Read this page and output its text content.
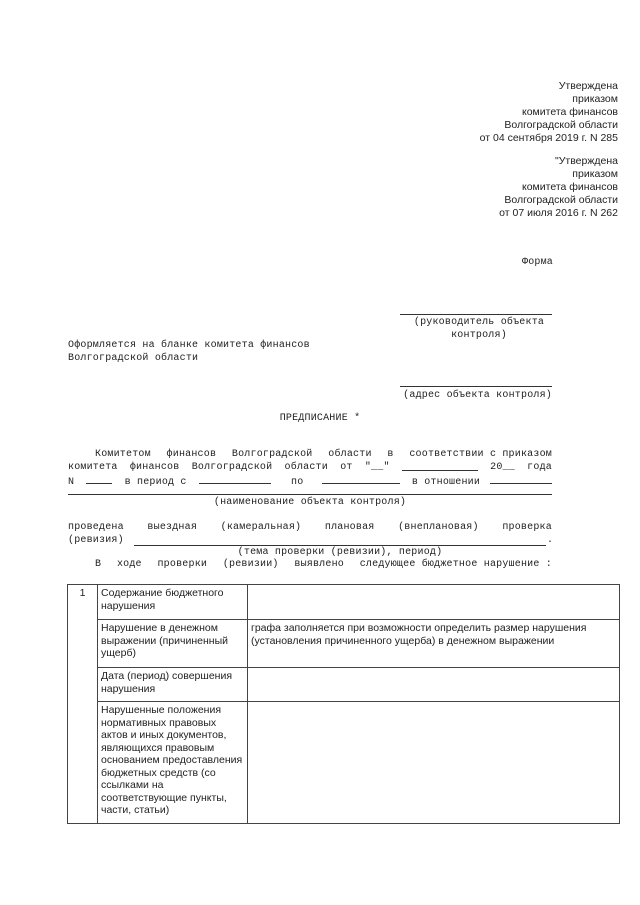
Утверждена
приказом
комитета финансов
Волгоградской области
от 04 сентября 2019 г. N 285
"Утверждена
приказом
комитета финансов
Волгоградской области
от 07 июля 2016 г. N 262
Форма
(руководитель объекта
контроля)
Оформляется на бланке комитета финансов
Волгоградской области
(адрес объекта контроля)
ПРЕДПИСАНИЕ *
Комитетом финансов Волгоградской области в соответствии с приказом
комитета финансов Волгоградской области от "__"	20__ года
N	в период с	по	в отношении
(наименование объекта контроля)
проведена выездная (камеральная) плановая (внеплановая) проверка
(ревизия)	.
(тема проверки (ревизии), период)
В ходе проверки (ревизии) выявлено следующее бюджетное нарушение :
1	Содержание бюджетного нарушения	
	Нарушение в денежном выражении (причиненный ущерб)	графа заполняется при возможности определить размер нарушения (установления причиненного ущерба) в денежном выражении
	Дата (период) совершения нарушения	
	Нарушенные положения нормативных правовых актов и иных документов, являющихся правовым основанием предоставления бюджетных средств (со ссылками на соответствующие пункты, части, статьи)	
